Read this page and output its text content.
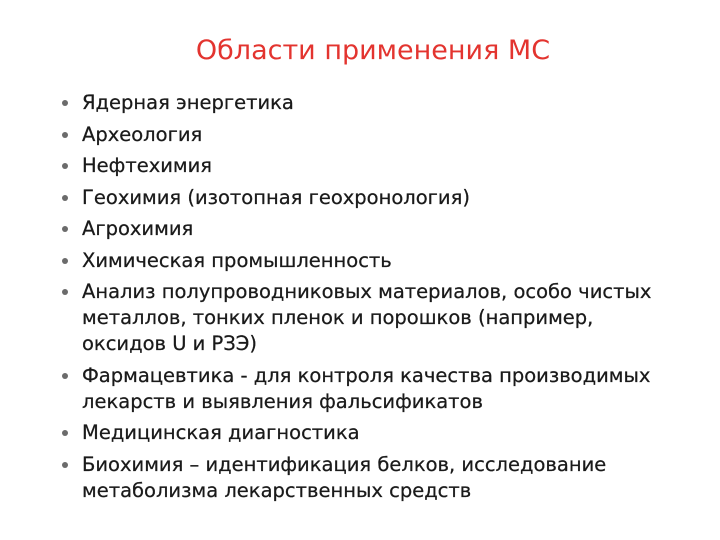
Области применения МС
Ядерная энергетика
Археология
Нефтехимия
Геохимия (изотопная геохронология)
Агрохимия
Химическая промышленность
Анализ полупроводниковых материалов, особо чистых металлов, тонких пленок и порошков (например, оксидов U и РЗЭ)
Фармацевтика - для контроля качества производимых лекарств и выявления фальсификатов
Медицинская диагностика
Биохимия – идентификация белков, исследование метаболизма лекарственных средств
